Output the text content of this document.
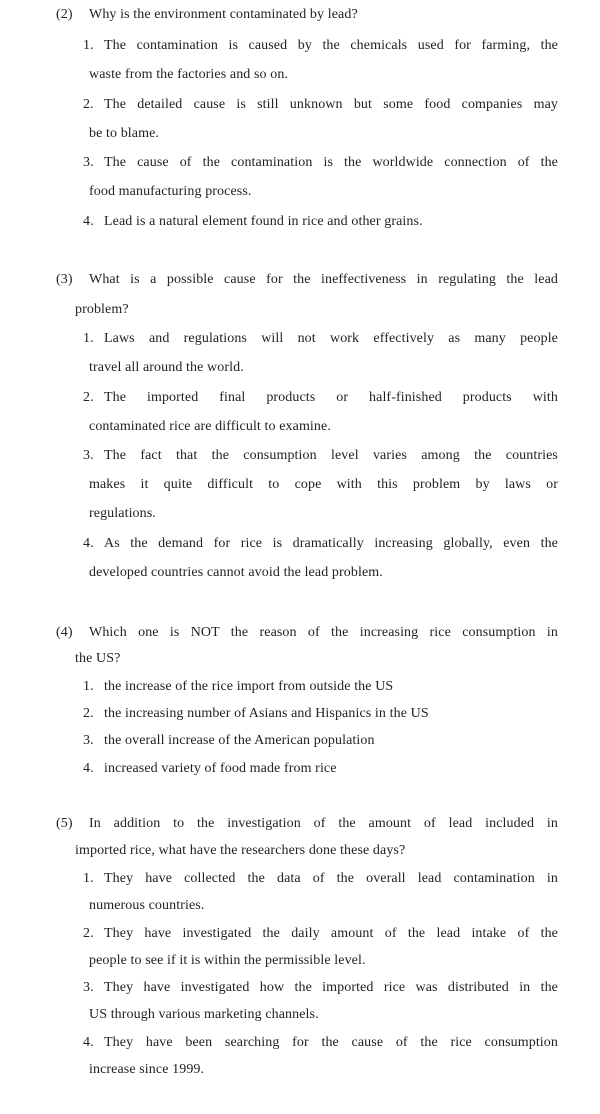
(2) Why is the environment contaminated by lead?
1. The contamination is caused by the chemicals used for farming, the
waste from the factories and so on.
2. The detailed cause is still unknown but some food companies may
be to blame.
3. The cause of the contamination is the worldwide connection of the
food manufacturing process.
4. Lead is a natural element found in rice and other grains.
(3) What is a possible cause for the ineffectiveness in regulating the lead
problem?
1. Laws and regulations will not work effectively as many people
travel all around the world.
2. The imported final products or half-finished products with
contaminated rice are difficult to examine.
3. The fact that the consumption level varies among the countries
makes it quite difficult to cope with this problem by laws or
regulations.
4. As the demand for rice is dramatically increasing globally, even the
developed countries cannot avoid the lead problem.
(4) Which one is NOT the reason of the increasing rice consumption in
the US?
1. the increase of the rice import from outside the US
2. the increasing number of Asians and Hispanics in the US
3. the overall increase of the American population
4. increased variety of food made from rice
(5) In addition to the investigation of the amount of lead included in
imported rice, what have the researchers done these days?
1. They have collected the data of the overall lead contamination in
numerous countries.
2. They have investigated the daily amount of the lead intake of the
people to see if it is within the permissible level.
3. They have investigated how the imported rice was distributed in the
US through various marketing channels.
4. They have been searching for the cause of the rice consumption
increase since 1999.
